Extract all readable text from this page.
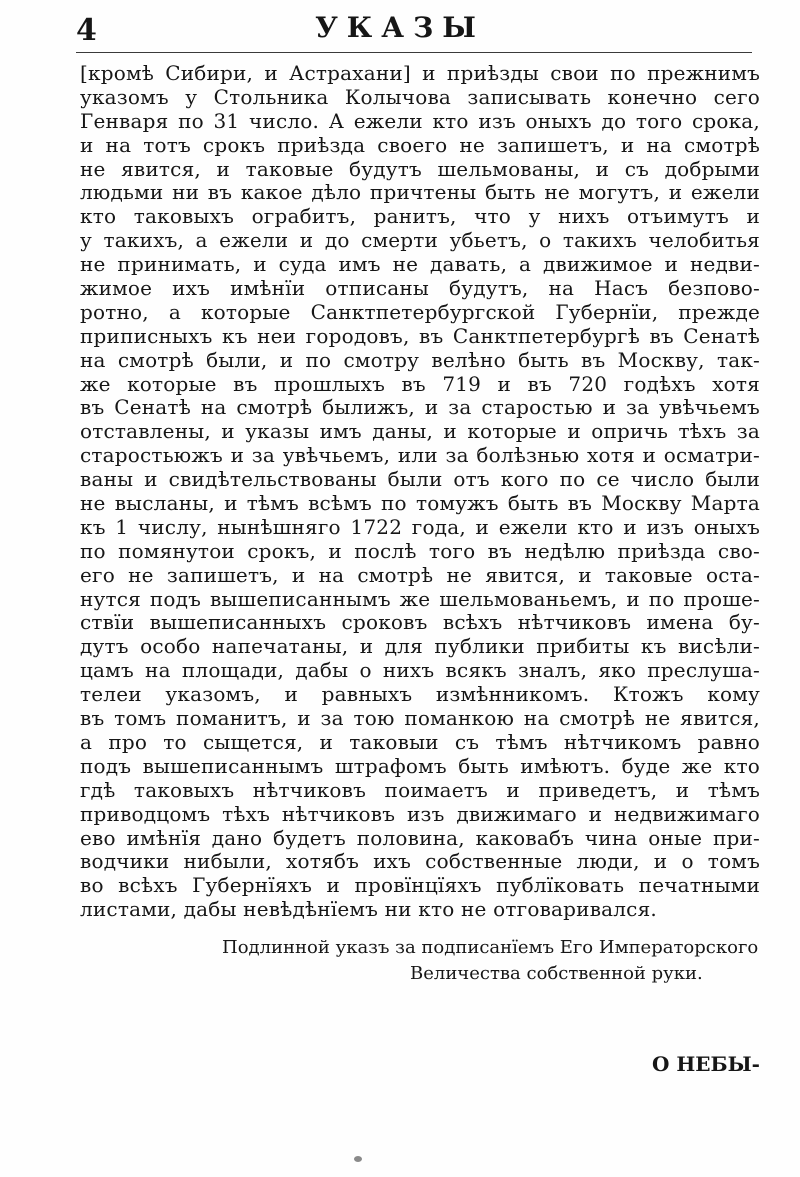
4	УКАЗЫ
[кромѣ Сибири, и Астрахани] и приѣзды свои по прежнимъ
указомъ у Стольника Колычова записывать конечно сего
Генваря по 31 число. А ежели кто изъ оныхъ до того срока,
и на тотъ срокъ приѣзда своего не запишетъ, и на смотрѣ
не явится, и таковые будутъ шельмованы, и съ добрыми
людьми ни въ какое дѣло причтены быть не могутъ, и ежели
кто таковыхъ ограбитъ, ранитъ, что у нихъ отъимутъ и
у такихъ, а ежели и до смерти убьетъ, о такихъ челобитья
не принимать, и суда имъ не давать, а движимое и недви-
жимое ихъ имѣнїи отписаны будутъ, на Насъ безпово-
ротно, а которые Санктпетербургской Губернїи, прежде
приписныхъ къ неи городовъ, въ Санктпетербургѣ въ Сенатѣ
на смотрѣ были, и по смотру велѣно быть въ Москву, так-
же которые въ прошлыхъ въ 719 и въ 720 годѣхъ хотя
въ Сенатѣ на смотрѣ былижъ, и за старостью и за увѣчьемъ
отставлены, и указы имъ даны, и которые и опричь тѣхъ за
старостьюжъ и за увѣчьемъ, или за болѣзнью хотя и осматри-
ваны и свидѣтельствованы были отъ кого по се число были
не высланы, и тѣмъ всѣмъ по томужъ быть въ Москву Марта
къ 1 числу, нынѣшняго 1722 года, и ежели кто и изъ оныхъ
по помянутои срокъ, и послѣ того въ недѣлю приѣзда сво-
его не запишетъ, и на смотрѣ не явится, и таковые оста-
нутся подъ вышеписаннымъ же шельмованьемъ, и по проше-
ствїи вышеписанныхъ сроковъ всѣхъ нѣтчиковъ имена бу-
дутъ особо напечатаны, и для публики прибиты къ висѣли-
цамъ на площади, дабы о нихъ всякъ зналъ, яко преслуша-
телеи указомъ, и равныхъ измѣнникомъ. Ктожъ кому
въ томъ поманитъ, и за тою поманкою на смотрѣ не явится,
а про то сыщется, и таковыи съ тѣмъ нѣтчикомъ равно
подъ вышеписаннымъ штрафомъ быть имѣютъ. буде же кто
гдѣ таковыхъ нѣтчиковъ поимаетъ и приведетъ, и тѣмъ
приводцомъ тѣхъ нѣтчиковъ изъ движимаго и недвижимаго
ево имѣнїя дано будетъ половина, каковабъ чина оные при-
водчики нибыли, хотябъ ихъ собственные люди, и о томъ
во всѣхъ Губернїяхъ и провїнцїяхъ публїковать печатными
листами, дабы невѣдѣнїемъ ни кто не отговаривался.
Подлинной указъ за подписанїемъ Его Императорского
Величества собственной руки.
О НЕБЫ-
